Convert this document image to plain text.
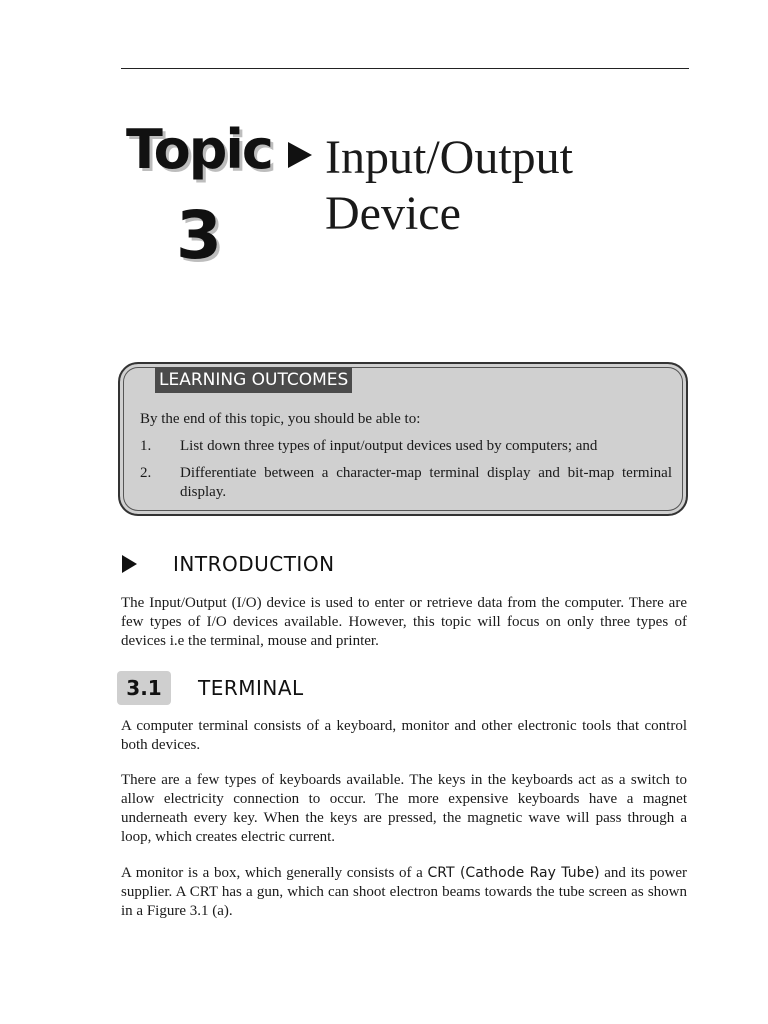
Topic
3
Input/Output
Device
LEARNING OUTCOMES
By the end of this topic, you should be able to:
1. List down three types of input/output devices used by computers; and
2. Differentiate between a character-map terminal display and bit-map terminal display.
INTRODUCTION
The Input/Output (I/O) device is used to enter or retrieve data from the computer. There are few types of I/O devices available. However, this topic will focus on only three types of devices i.e the terminal, mouse and printer.
3.1	TERMINAL
A computer terminal consists of a keyboard, monitor and other electronic tools that control both devices.
There are a few types of keyboards available. The keys in the keyboards act as a switch to allow electricity connection to occur. The more expensive keyboards have a magnet underneath every key. When the keys are pressed, the magnetic wave will pass through a loop, which creates electric current.
A monitor is a box, which generally consists of a CRT (Cathode Ray Tube) and its power supplier. A CRT has a gun, which can shoot electron beams towards the tube screen as shown in a Figure 3.1 (a).
